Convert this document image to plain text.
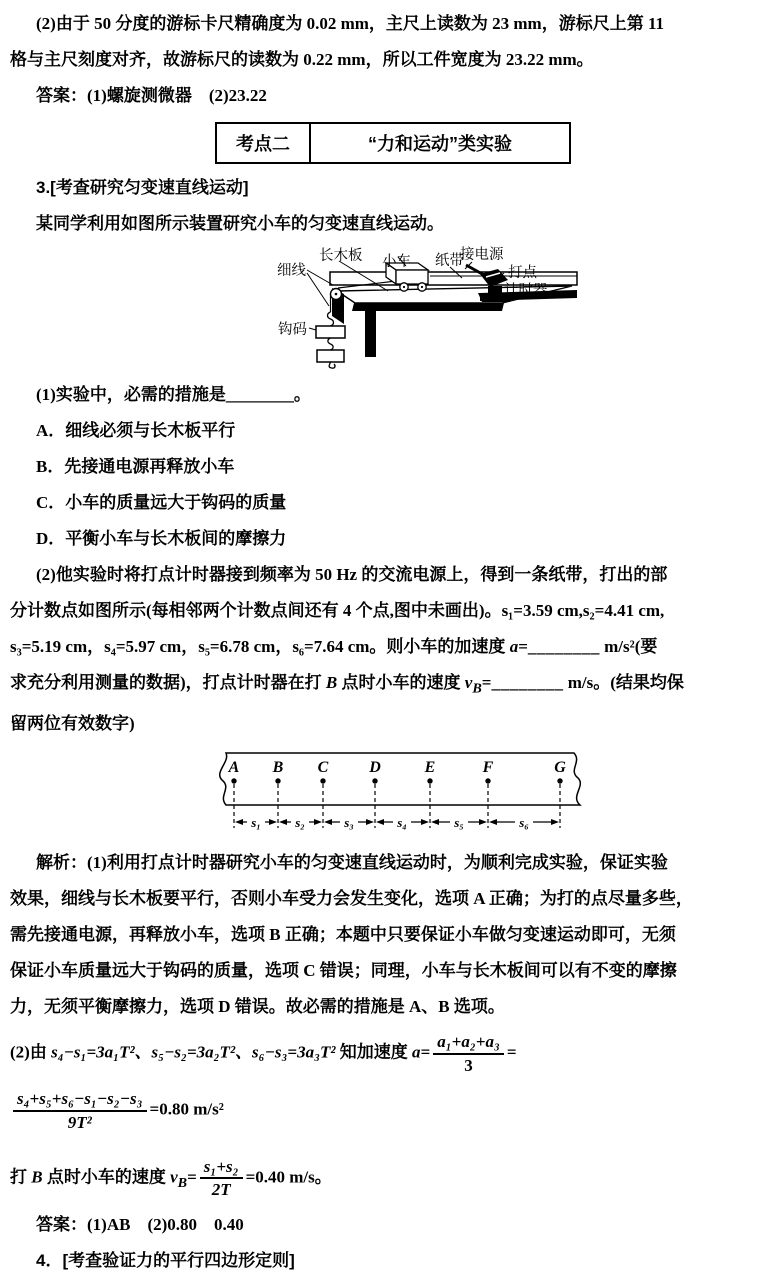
(2)由于 50 分度的游标卡尺精确度为 0.02 mm，主尺上读数为 23 mm，游标尺上第 11
格与主尺刻度对齐，故游标尺的读数为 0.22 mm，所以工件宽度为 23.22 mm。
答案：(1)螺旋测微器　(2)23.22
考点二	“力和运动”类实验
3.[考查研究匀变速直线运动]
某同学利用如图所示装置研究小车的匀变速直线运动。
细线
长木板 小车 纸带
接电源
打点
计时器
钩码
(1)实验中，必需的措施是________。
A．细线必须与长木板平行
B．先接通电源再释放小车
C．小车的质量远大于钩码的质量
D．平衡小车与长木板间的摩擦力
(2)他实验时将打点计时器接到频率为 50 Hz 的交流电源上，得到一条纸带，打出的部
分计数点如图所示(每相邻两个计数点间还有 4 个点,图中未画出)。s₁=3.59 cm,s₂=4.41 cm,
s₃=5.19 cm，s₄=5.97 cm，s₅=6.78 cm，s₆=7.64 cm。则小车的加速度 a=________ m/s²(要
求充分利用测量的数据)，打点计时器在打 B 点时小车的速度 $v_B=\_\_\_\_\_\_\_\_$ m/s。(结果均保
留两位有效数字)
A B C	D	E	F	G
s₁	s₂	s₃	s₄	s₅	s₆
解析：(1)利用打点计时器研究小车的匀变速直线运动时，为顺利完成实验，保证实验
效果，细线与长木板要平行，否则小车受力会发生变化，选项 A 正确；为打的点尽量多些，
需先接通电源，再释放小车，选项 B 正确；本题中只要保证小车做匀变速运动即可，无须
保证小车质量远大于钩码的质量，选项 C 错误；同理，小车与长木板间可以有不变的摩擦
力，无须平衡摩擦力，选项 D 错误。故必需的措施是 A、B 选项。
(2)由 s₄−s₁=3a₁T²、s₅−s₂=3a₂T²、s₆−s₃=3a₃T² 知加速度 $a= \frac{\text{a₁+a₂+a₃}}{3}$ =
$\frac{\text{s₄+s₅+s₆−s₁−s₂−s₃}}{\text{9T²}} =0.80$ m/s²
打 B 点时小车的速度 $v_B= \frac{\text{s₁+s₂}}{2T} =0.40$ m/s。
答案：(1)AB　(2)0.80　0.40
4．[考查验证力的平行四边形定则]
